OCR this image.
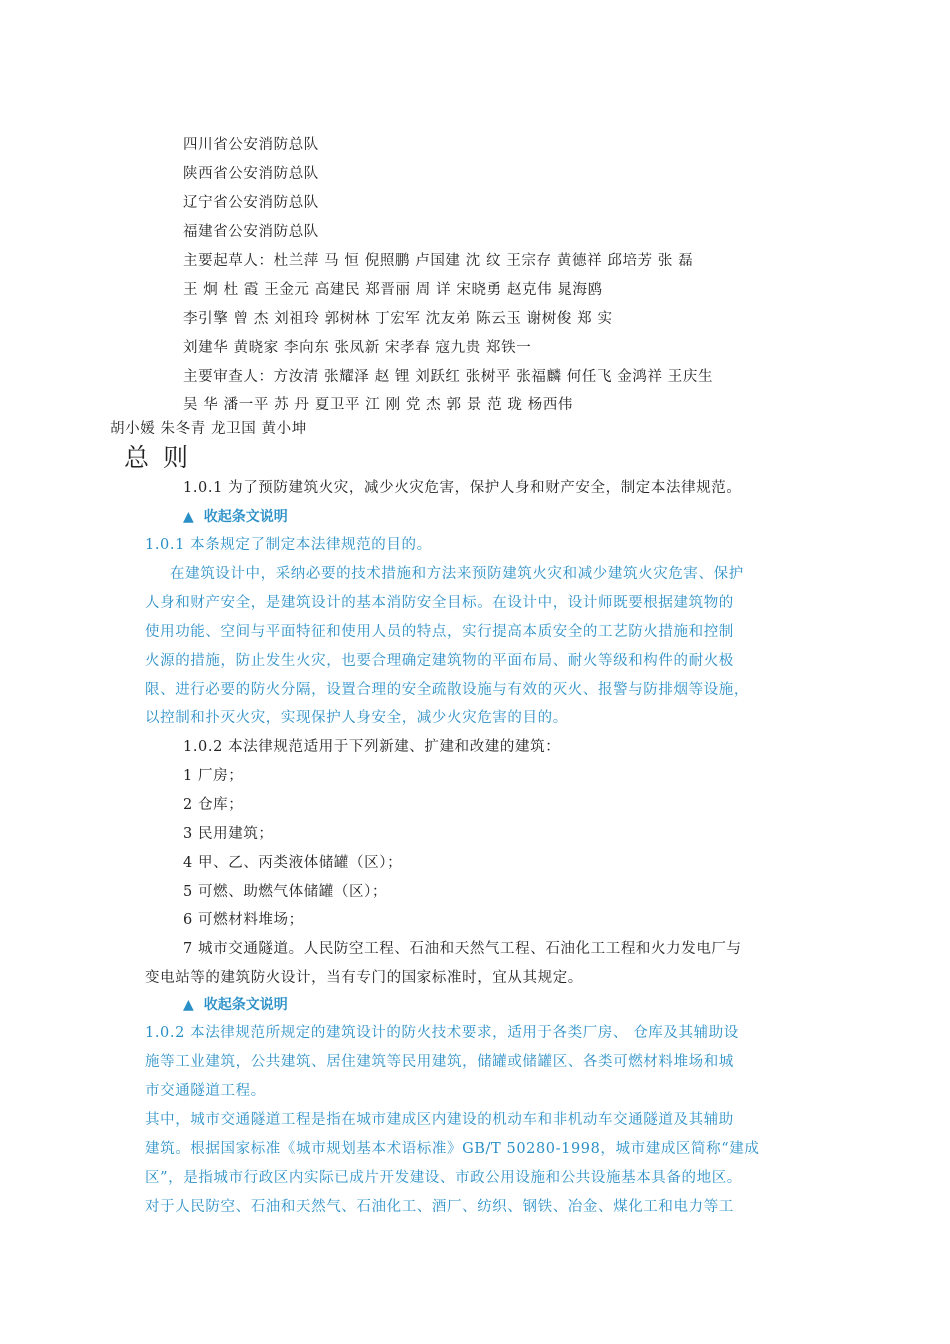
四川省公安消防总队
陕西省公安消防总队
辽宁省公安消防总队
福建省公安消防总队
主要起草人：杜兰萍 马 恒 倪照鹏 卢国建 沈 纹 王宗存 黄德祥 邱培芳 张 磊
王 炯 杜 霞 王金元 高建民 郑晋丽 周 详 宋晓勇 赵克伟 晁海鸥
李引擎 曾 杰 刘祖玲 郭树林 丁宏军 沈友弟 陈云玉 谢树俊 郑 实
刘建华 黄晓家 李向东 张凤新 宋孝春 寇九贵 郑铁一
主要审查人：方汝清 张耀泽 赵 锂 刘跃红 张树平 张福麟 何任飞 金鸿祥 王庆生
吴 华 潘一平 苏 丹 夏卫平 江 刚 党 杰 郭 景 范 珑 杨西伟
胡小媛 朱冬青 龙卫国 黄小坤
总则
1.0.1 为了预防建筑火灾，减少火灾危害，保护人身和财产安全，制定本法律规范。
▲ 收起条文说明
1.0.1 本条规定了制定本法律规范的目的。
在建筑设计中，采纳必要的技术措施和方法来预防建筑火灾和减少建筑火灾危害、保护
人身和财产安全，是建筑设计的基本消防安全目标。在设计中，设计师既要根据建筑物的
使用功能、空间与平面特征和使用人员的特点，实行提高本质安全的工艺防火措施和控制
火源的措施，防止发生火灾，也要合理确定建筑物的平面布局、耐火等级和构件的耐火极
限、进行必要的防火分隔，设置合理的安全疏散设施与有效的灭火、报警与防排烟等设施，
以控制和扑灭火灾，实现保护人身安全，减少火灾危害的目的。
1.0.2 本法律规范适用于下列新建、扩建和改建的建筑：
1 厂房；
2 仓库；
3 民用建筑；
4 甲、乙、丙类液体储罐（区）；
5 可燃、助燃气体储罐（区）；
6 可燃材料堆场；
7 城市交通隧道。人民防空工程、石油和天然气工程、石油化工工程和火力发电厂与
变电站等的建筑防火设计，当有专门的国家标准时，宜从其规定。
▲ 收起条文说明
1.0.2 本法律规范所规定的建筑设计的防火技术要求，适用于各类厂房、 仓库及其辅助设
施等工业建筑，公共建筑、居住建筑等民用建筑，储罐或储罐区、各类可燃材料堆场和城
市交通隧道工程。
其中，城市交通隧道工程是指在城市建成区内建设的机动车和非机动车交通隧道及其辅助
建筑。根据国家标准《城市规划基本术语标准》GB/T 50280-1998，城市建成区简称“建成
区”，是指城市行政区内实际已成片开发建设、市政公用设施和公共设施基本具备的地区。
对于人民防空、石油和天然气、石油化工、酒厂、纺织、钢铁、冶金、煤化工和电力等工
